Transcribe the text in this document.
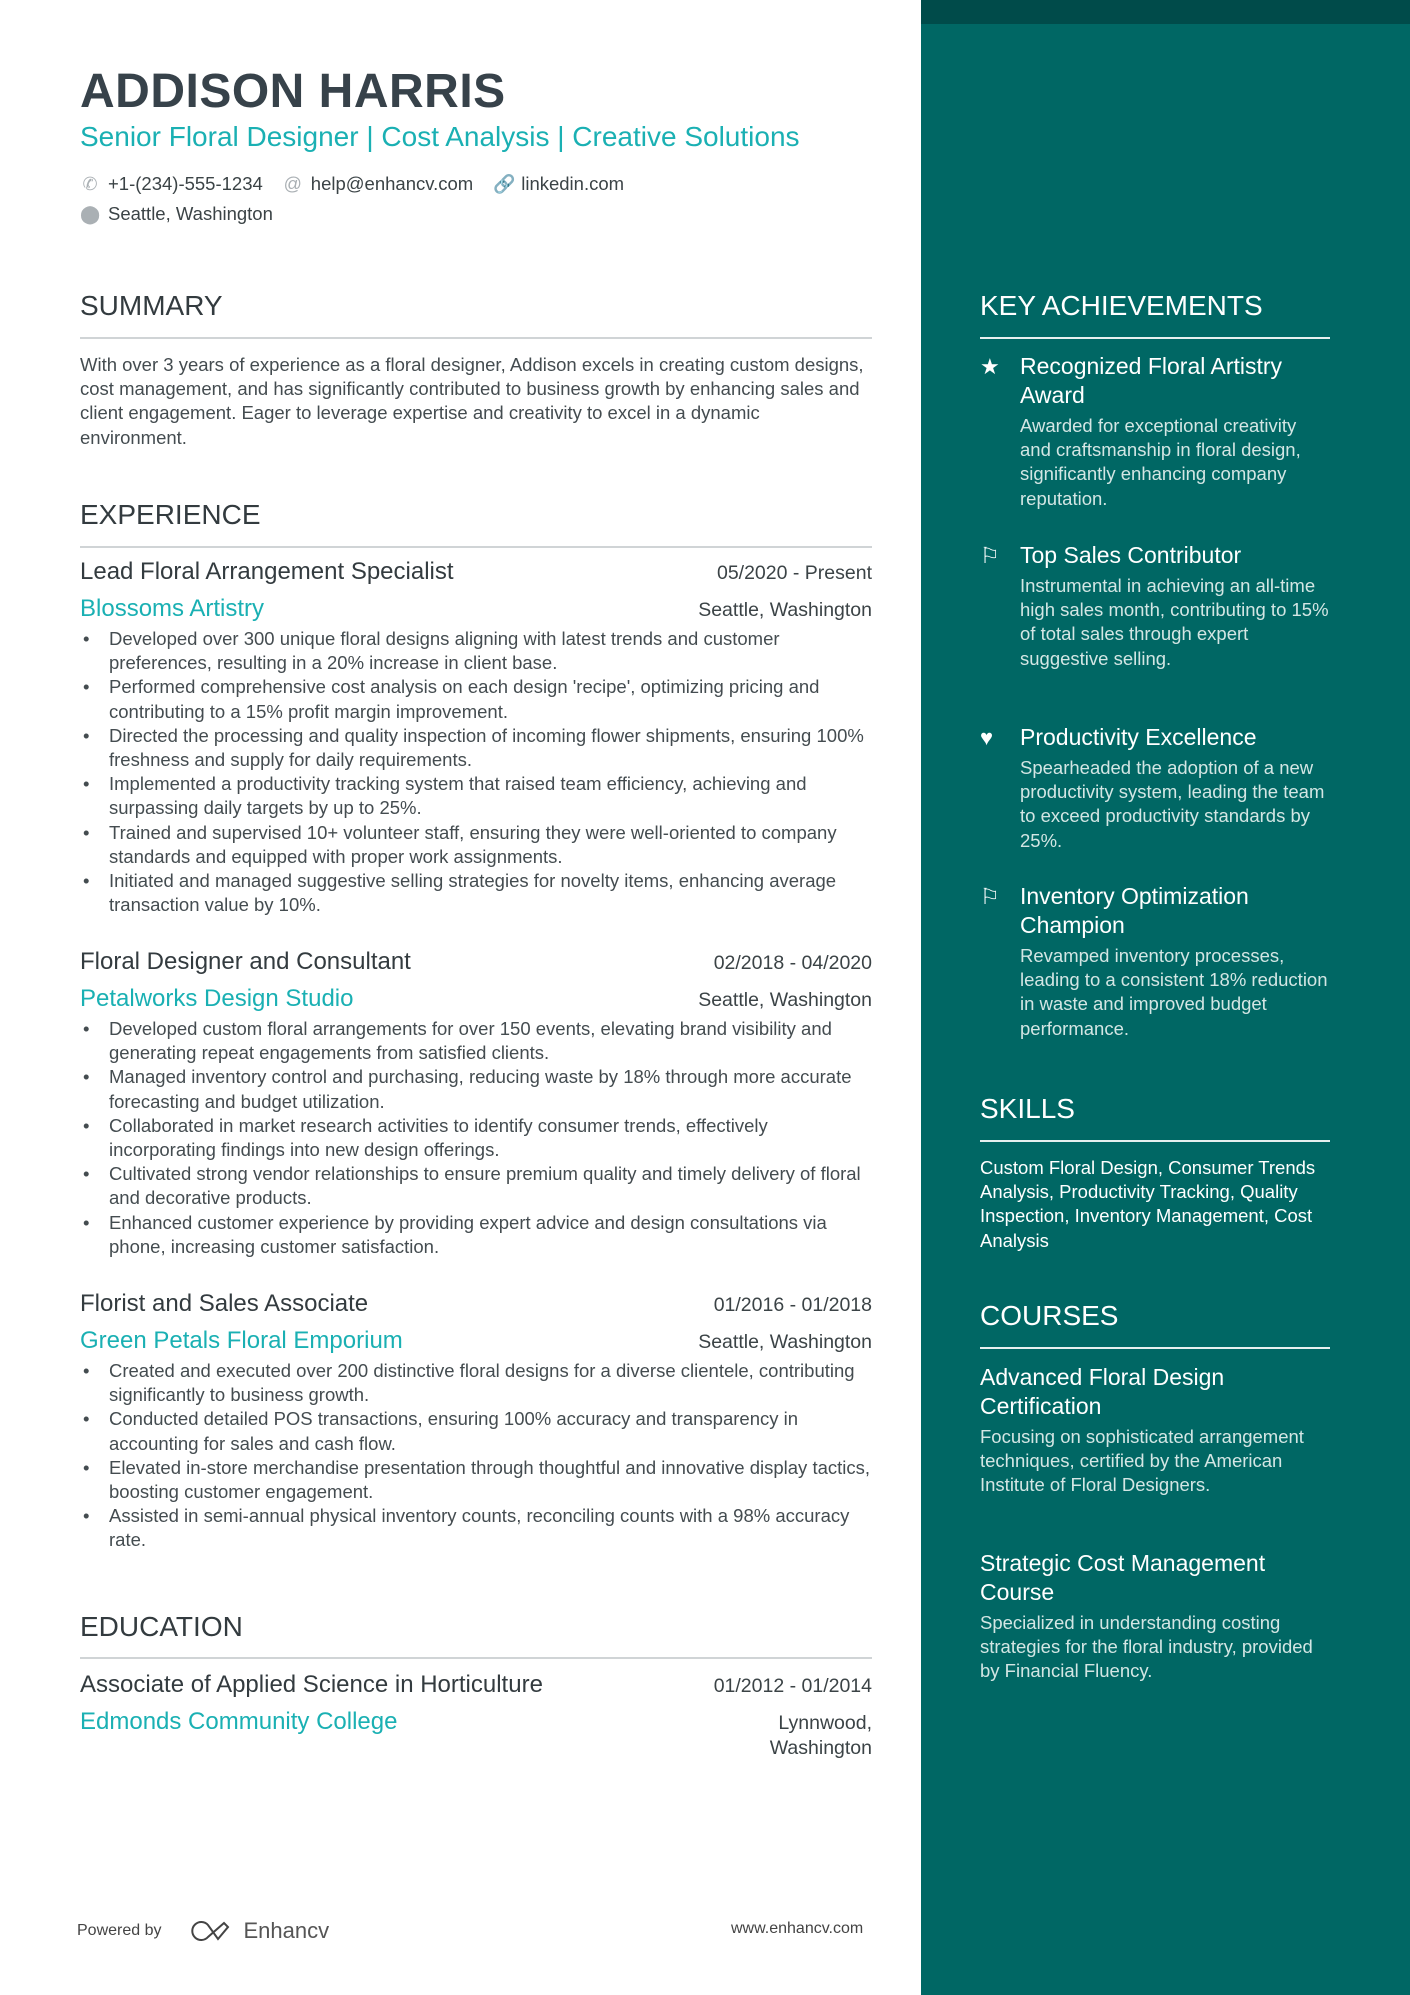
ADDISON HARRIS
Senior Floral Designer | Cost Analysis | Creative Solutions
✆ +1-(234)-555-1234 @ help@enhancv.com 🔗 linkedin.com
⬤ Seattle, Washington
SUMMARY
With over 3 years of experience as a floral designer, Addison excels in creating custom designs, cost management, and has significantly contributed to business growth by enhancing sales and client engagement. Eager to leverage expertise and creativity to excel in a dynamic environment.
EXPERIENCE
Lead Floral Arrangement Specialist	05/2020 - Present
Blossoms Artistry	Seattle, Washington
• Developed over 300 unique floral designs aligning with latest trends and customer preferences, resulting in a 20% increase in client base.
• Performed comprehensive cost analysis on each design 'recipe', optimizing pricing and contributing to a 15% profit margin improvement.
• Directed the processing and quality inspection of incoming flower shipments, ensuring 100% freshness and supply for daily requirements.
• Implemented a productivity tracking system that raised team efficiency, achieving and surpassing daily targets by up to 25%.
• Trained and supervised 10+ volunteer staff, ensuring they were well-oriented to company standards and equipped with proper work assignments.
• Initiated and managed suggestive selling strategies for novelty items, enhancing average transaction value by 10%.
Floral Designer and Consultant	02/2018 - 04/2020
Petalworks Design Studio	Seattle, Washington
• Developed custom floral arrangements for over 150 events, elevating brand visibility and generating repeat engagements from satisfied clients.
• Managed inventory control and purchasing, reducing waste by 18% through more accurate forecasting and budget utilization.
• Collaborated in market research activities to identify consumer trends, effectively incorporating findings into new design offerings.
• Cultivated strong vendor relationships to ensure premium quality and timely delivery of floral and decorative products.
• Enhanced customer experience by providing expert advice and design consultations via phone, increasing customer satisfaction.
Florist and Sales Associate	01/2016 - 01/2018
Green Petals Floral Emporium	Seattle, Washington
• Created and executed over 200 distinctive floral designs for a diverse clientele, contributing significantly to business growth.
• Conducted detailed POS transactions, ensuring 100% accuracy and transparency in accounting for sales and cash flow.
• Elevated in-store merchandise presentation through thoughtful and innovative display tactics, boosting customer engagement.
• Assisted in semi-annual physical inventory counts, reconciling counts with a 98% accuracy rate.
EDUCATION
Associate of Applied Science in Horticulture	01/2012 - 01/2014
Edmonds Community College	Lynnwood,
Washington
Powered by	Enhancv	www.enhancv.com
KEY ACHIEVEMENTS
★ Recognized Floral Artistry Award
Awarded for exceptional creativity and craftsmanship in floral design, significantly enhancing company reputation.
⚐ Top Sales Contributor
Instrumental in achieving an all-time high sales month, contributing to 15% of total sales through expert suggestive selling.
♥	Productivity Excellence
Spearheaded the adoption of a new productivity system, leading the team to exceed productivity standards by 25%.
⚐ Inventory Optimization Champion
Revamped inventory processes, leading to a consistent 18% reduction in waste and improved budget performance.
SKILLS
Custom Floral Design, Consumer Trends Analysis, Productivity Tracking, Quality Inspection, Inventory Management, Cost Analysis
COURSES
Advanced Floral Design Certification
Focusing on sophisticated arrangement techniques, certified by the American Institute of Floral Designers.
Strategic Cost Management Course
Specialized in understanding costing strategies for the floral industry, provided by Financial Fluency.
